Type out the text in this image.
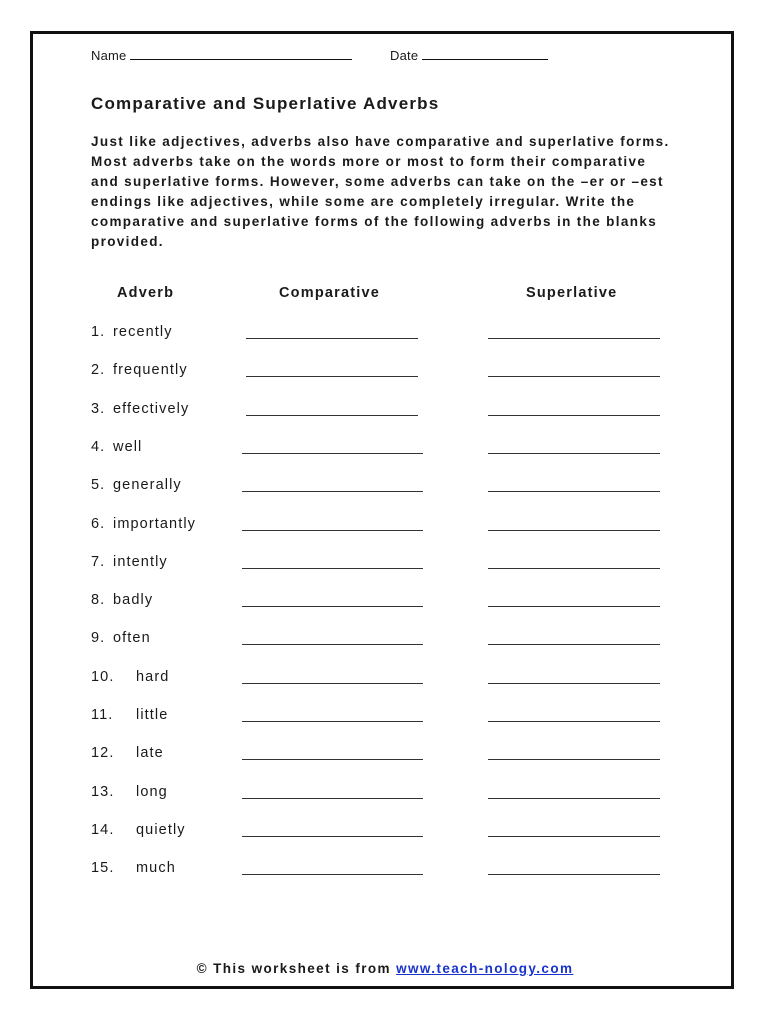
Name	Date
Comparative and Superlative Adverbs
Just like adjectives, adverbs also have comparative and superlative forms.
Most adverbs take on the words more or most to form their comparative
and superlative forms. However, some adverbs can take on the –er or –est
endings like adjectives, while some are completely irregular. Write the
comparative and superlative forms of the following adverbs in the blanks
provided.
Adverb	Comparative	Superlative
1. recently
2. frequently
3. effectively
4. well
5. generally
6. importantly
7. intently
8. badly
9. often
10. hard
11. little
12. late
13. long
14. quietly
15. much
© This worksheet is from www.teach-nology.com
